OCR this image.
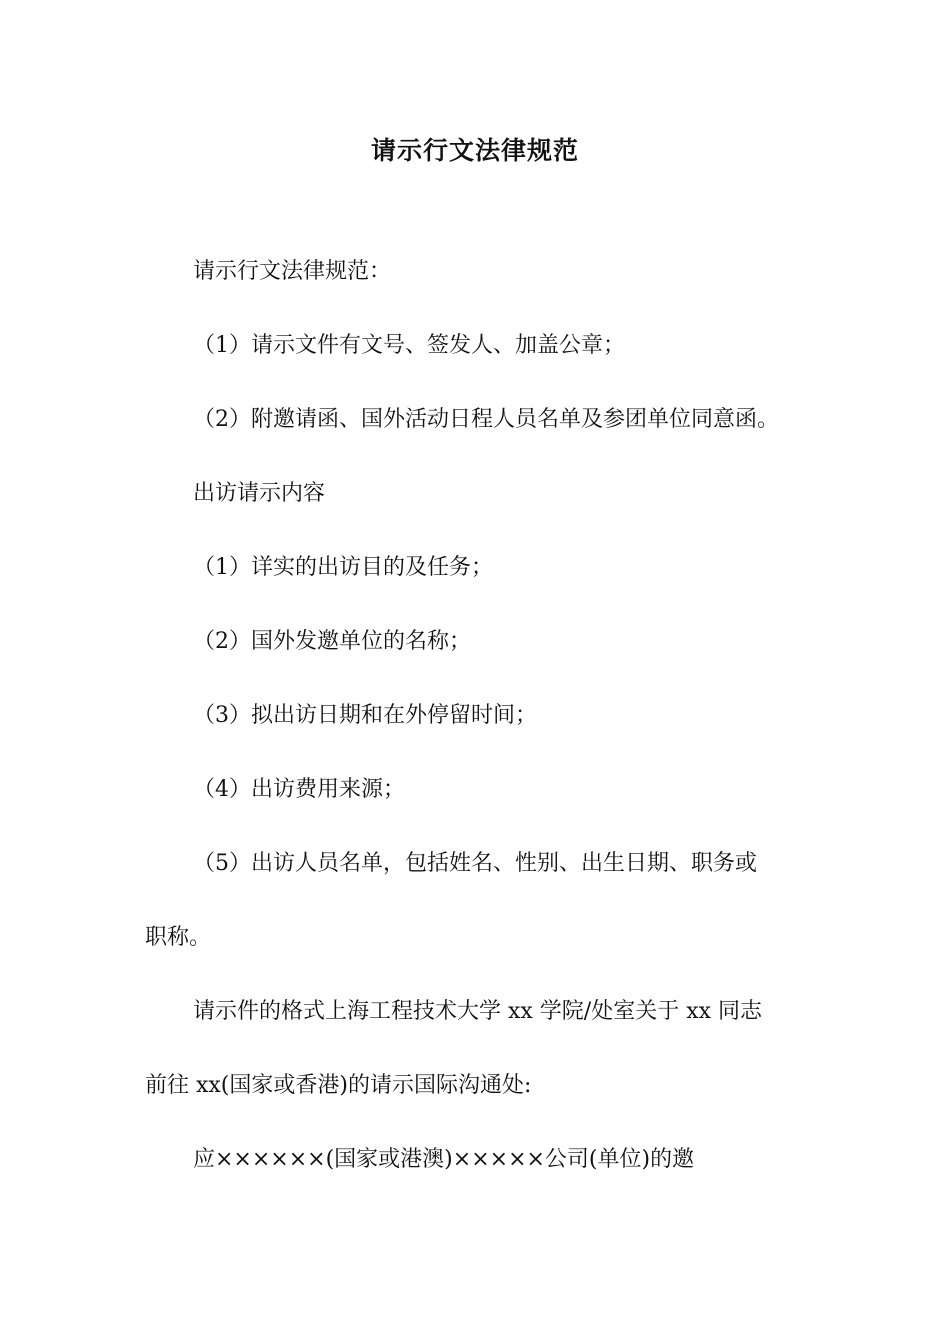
请示行文法律规范

请示行文法律规范：

（1）请示文件有文号、签发人、加盖公章；

（2）附邀请函、国外活动日程人员名单及参团单位同意函。

出访请示内容

（1）详实的出访目的及任务；

（2）国外发邀单位的名称；

（3）拟出访日期和在外停留时间；

（4）出访费用来源；

（5）出访人员名单，包括姓名、性别、出生日期、职务或

职称。

请示件的格式上海工程技术大学 xx 学院/处室关于 xx 同志

前往 xx(国家或香港)的请示国际沟通处:

应××××××(国家或港澳)×××××公司(单位)的邀
